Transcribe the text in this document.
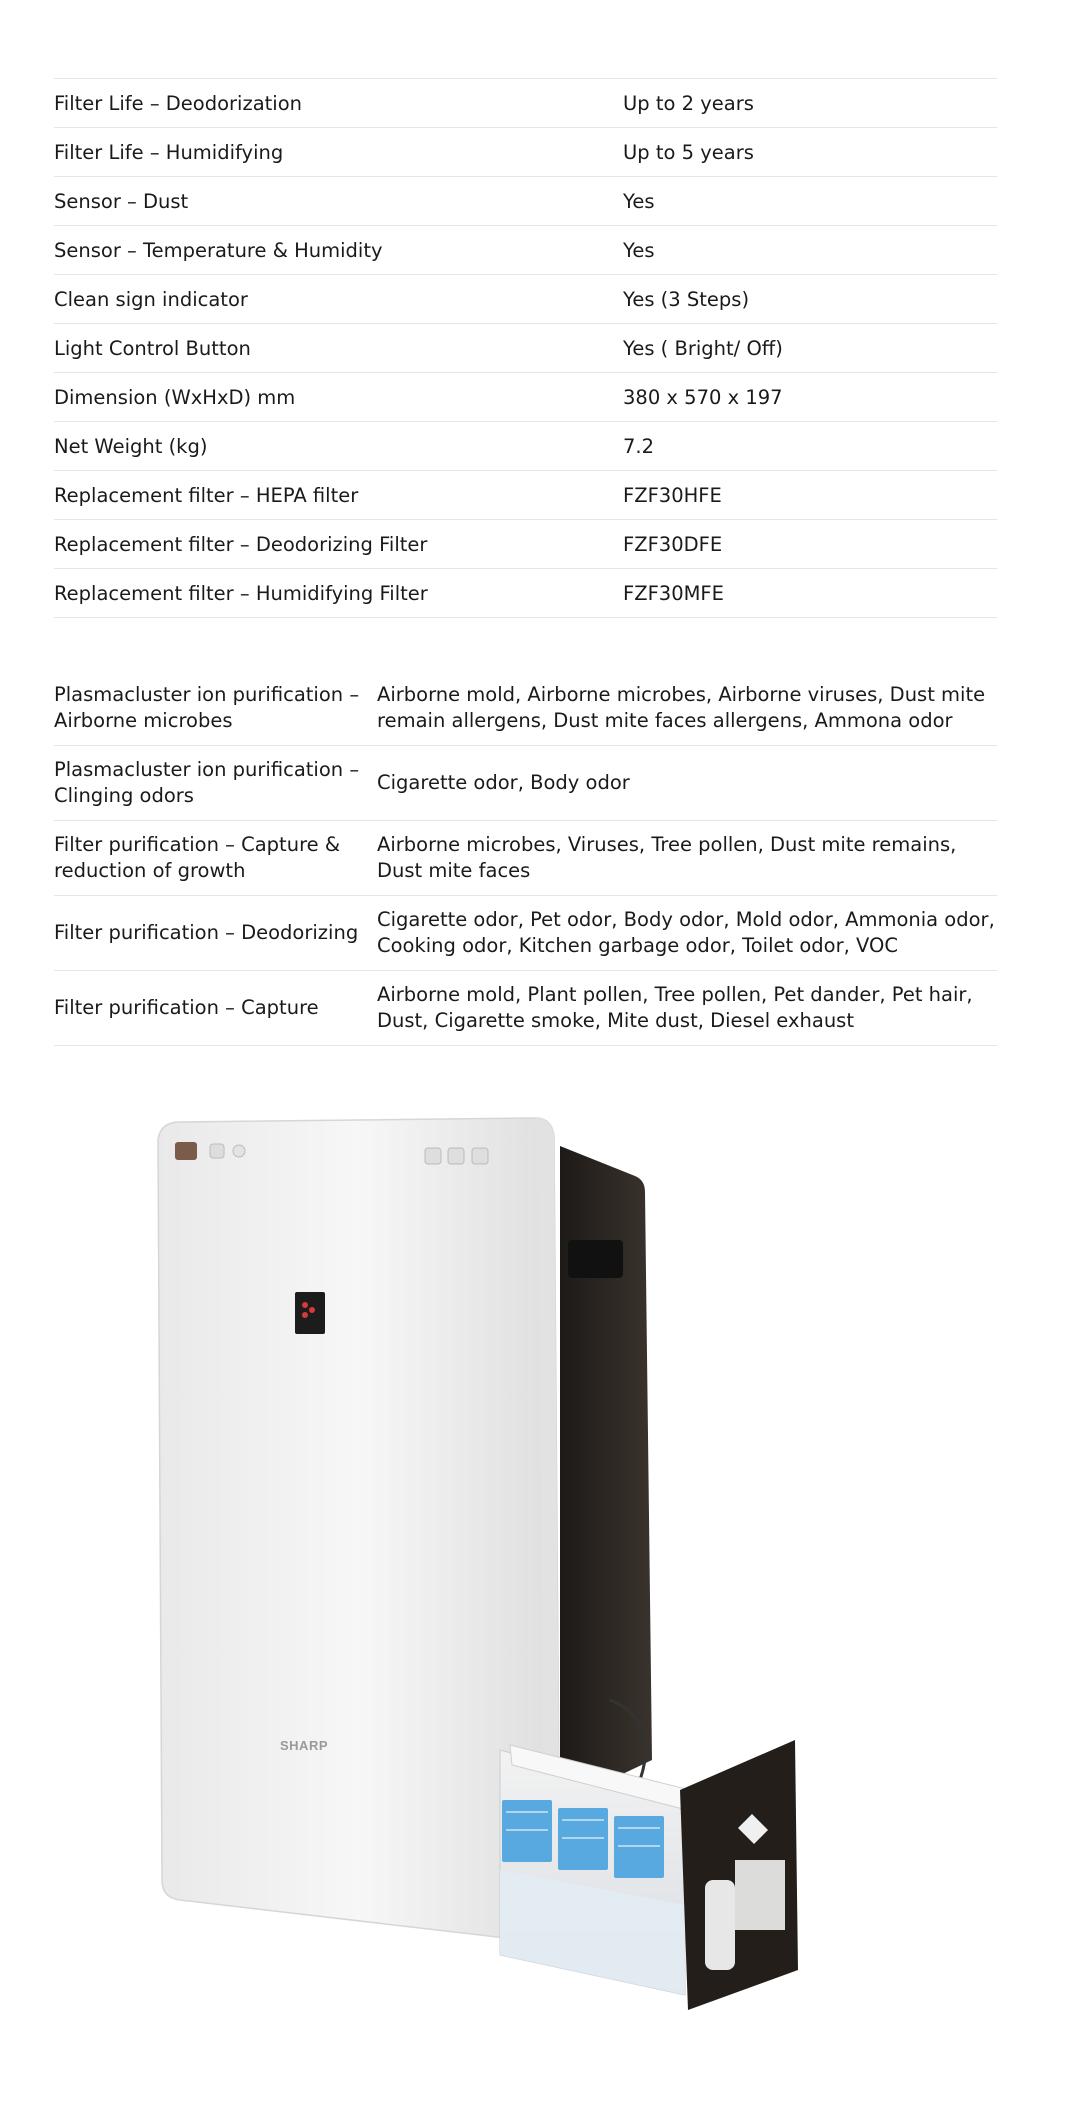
Filter Life – Deodorization	Up to 2 years
Filter Life – Humidifying	Up to 5 years
Sensor – Dust	Yes
Sensor – Temperature & Humidity	Yes
Clean sign indicator	Yes (3 Steps)
Light Control Button	Yes ( Bright/ Off)
Dimension (WxHxD) mm	380 x 570 x 197
Net Weight (kg)	7.2
Replacement filter – HEPA filter	FZF30HFE
Replacement filter – Deodorizing Filter	FZF30DFE
Replacement filter – Humidifying Filter	FZF30MFE
Plasmacluster ion purification – Airborne microbes	Airborne mold, Airborne microbes, Airborne viruses, Dust mite remain allergens, Dust mite faces allergens, Ammona odor
Plasmacluster ion purification – Clinging odors	Cigarette odor, Body odor
Filter purification – Capture & reduction of growth	Airborne microbes, Viruses, Tree pollen, Dust mite remains, Dust mite faces
Filter purification – Deodorizing	Cigarette odor, Pet odor, Body odor, Mold odor, Ammonia odor, Cooking odor, Kitchen garbage odor, Toilet odor, VOC
Filter purification – Capture	Airborne mold, Plant pollen, Tree pollen, Pet dander, Pet hair, Dust, Cigarette smoke, Mite dust, Diesel exhaust
SHARP
